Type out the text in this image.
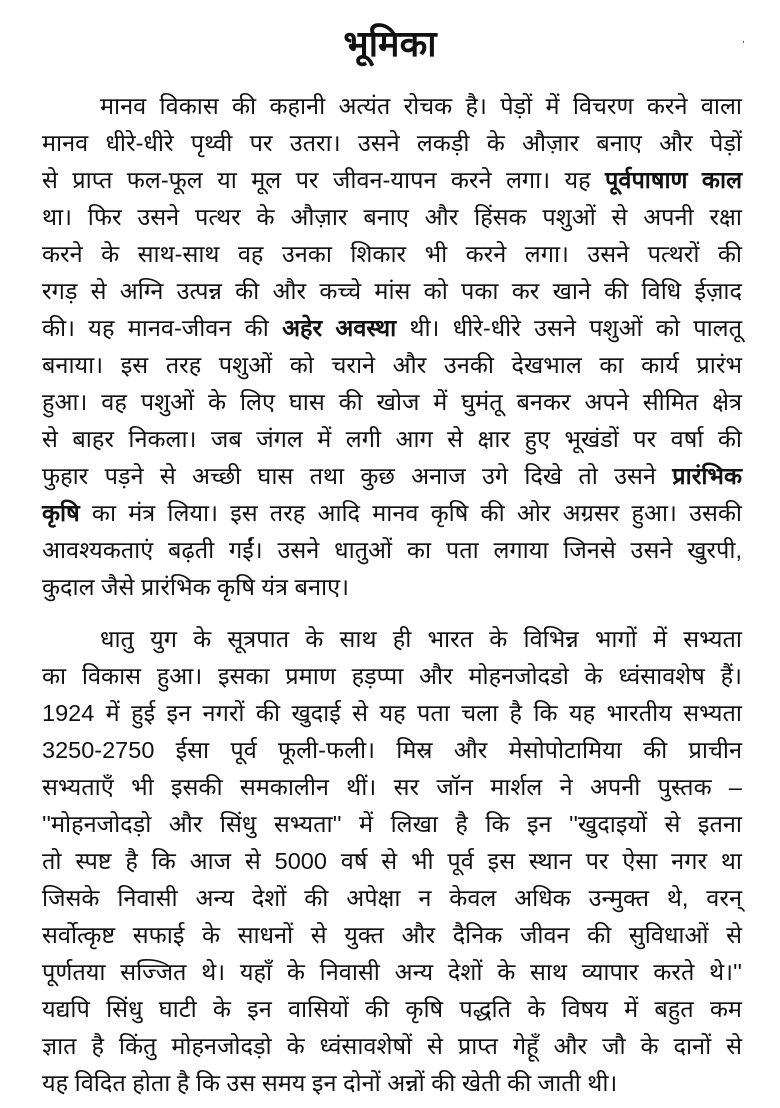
भूमिका	,
मानव विकास की कहानी अत्यंत रोचक है। पेड़ों में विचरण करने वाला
मानव धीरे-धीरे पृथ्वी पर उतरा। उसने लकड़ी के औज़ार बनाए और पेड़ों
से प्राप्त फल-फूल या मूल पर जीवन-यापन करने लगा। यह पूर्वपाषाण काल
था। फिर उसने पत्थर के औज़ार बनाए और हिंसक पशुओं से अपनी रक्षा
करने के साथ-साथ वह उनका शिकार भी करने लगा। उसने पत्थरों की
रगड़ से अग्नि उत्पन्न की और कच्चे मांस को पका कर खाने की विधि ईज़ाद
की। यह मानव-जीवन की अहेर अवस्था थी। धीरे-धीरे उसने पशुओं को पालतू
बनाया। इस तरह पशुओं को चराने और उनकी देखभाल का कार्य प्रारंभ
हुआ। वह पशुओं के लिए घास की खोज में घुमंतू बनकर अपने सीमित क्षेत्र
से बाहर निकला। जब जंगल में लगी आग से क्षार हुए भूखंडों पर वर्षा की
फुहार पड़ने से अच्छी घास तथा कुछ अनाज उगे दिखे तो उसने प्रारंभिक
कृषि का मंत्र लिया। इस तरह आदि मानव कृषि की ओर अग्रसर हुआ। उसकी
आवश्यकताएं बढ़ती गईं। उसने धातुओं का पता लगाया जिनसे उसने खुरपी,
कुदाल जैसे प्रारंभिक कृषि यंत्र बनाए।
धातु युग के सूत्रपात के साथ ही भारत के विभिन्न भागों में सभ्यता
का विकास हुआ। इसका प्रमाण हड़प्पा और मोहनजोदडो के ध्वंसावशेष हैं।
1924 में हुई इन नगरों की खुदाई से यह पता चला है कि यह भारतीय सभ्यता
3250-2750 ईसा पूर्व फूली-फली। मिस्र और मेसोपोटामिया की प्राचीन
सभ्यताएँ भी इसकी समकालीन थीं। सर जॉन मार्शल ने अपनी पुस्तक –
''मोहनजोदड़ो और सिंधु सभ्यता'' में लिखा है कि इन ''खुदाइयों से इतना
तो स्पष्ट है कि आज से 5000 वर्ष से भी पूर्व इस स्थान पर ऐसा नगर था
जिसके निवासी अन्य देशों की अपेक्षा न केवल अधिक उन्मुक्त थे, वरन्
सर्वोत्कृष्ट सफाई के साधनों से युक्त और दैनिक जीवन की सुविधाओं से
पूर्णतया सज्जित थे। यहाँ के निवासी अन्य देशों के साथ व्यापार करते थे।''
यद्यपि सिंधु घाटी के इन वासियों की कृषि पद्धति के विषय में बहुत कम
ज्ञात है किंतु मोहनजोदड़ो के ध्वंसावशेषों से प्राप्त गेहूँ और जौ के दानों से
यह विदित होता है कि उस समय इन दोनों अन्नों की खेती की जाती थी।
